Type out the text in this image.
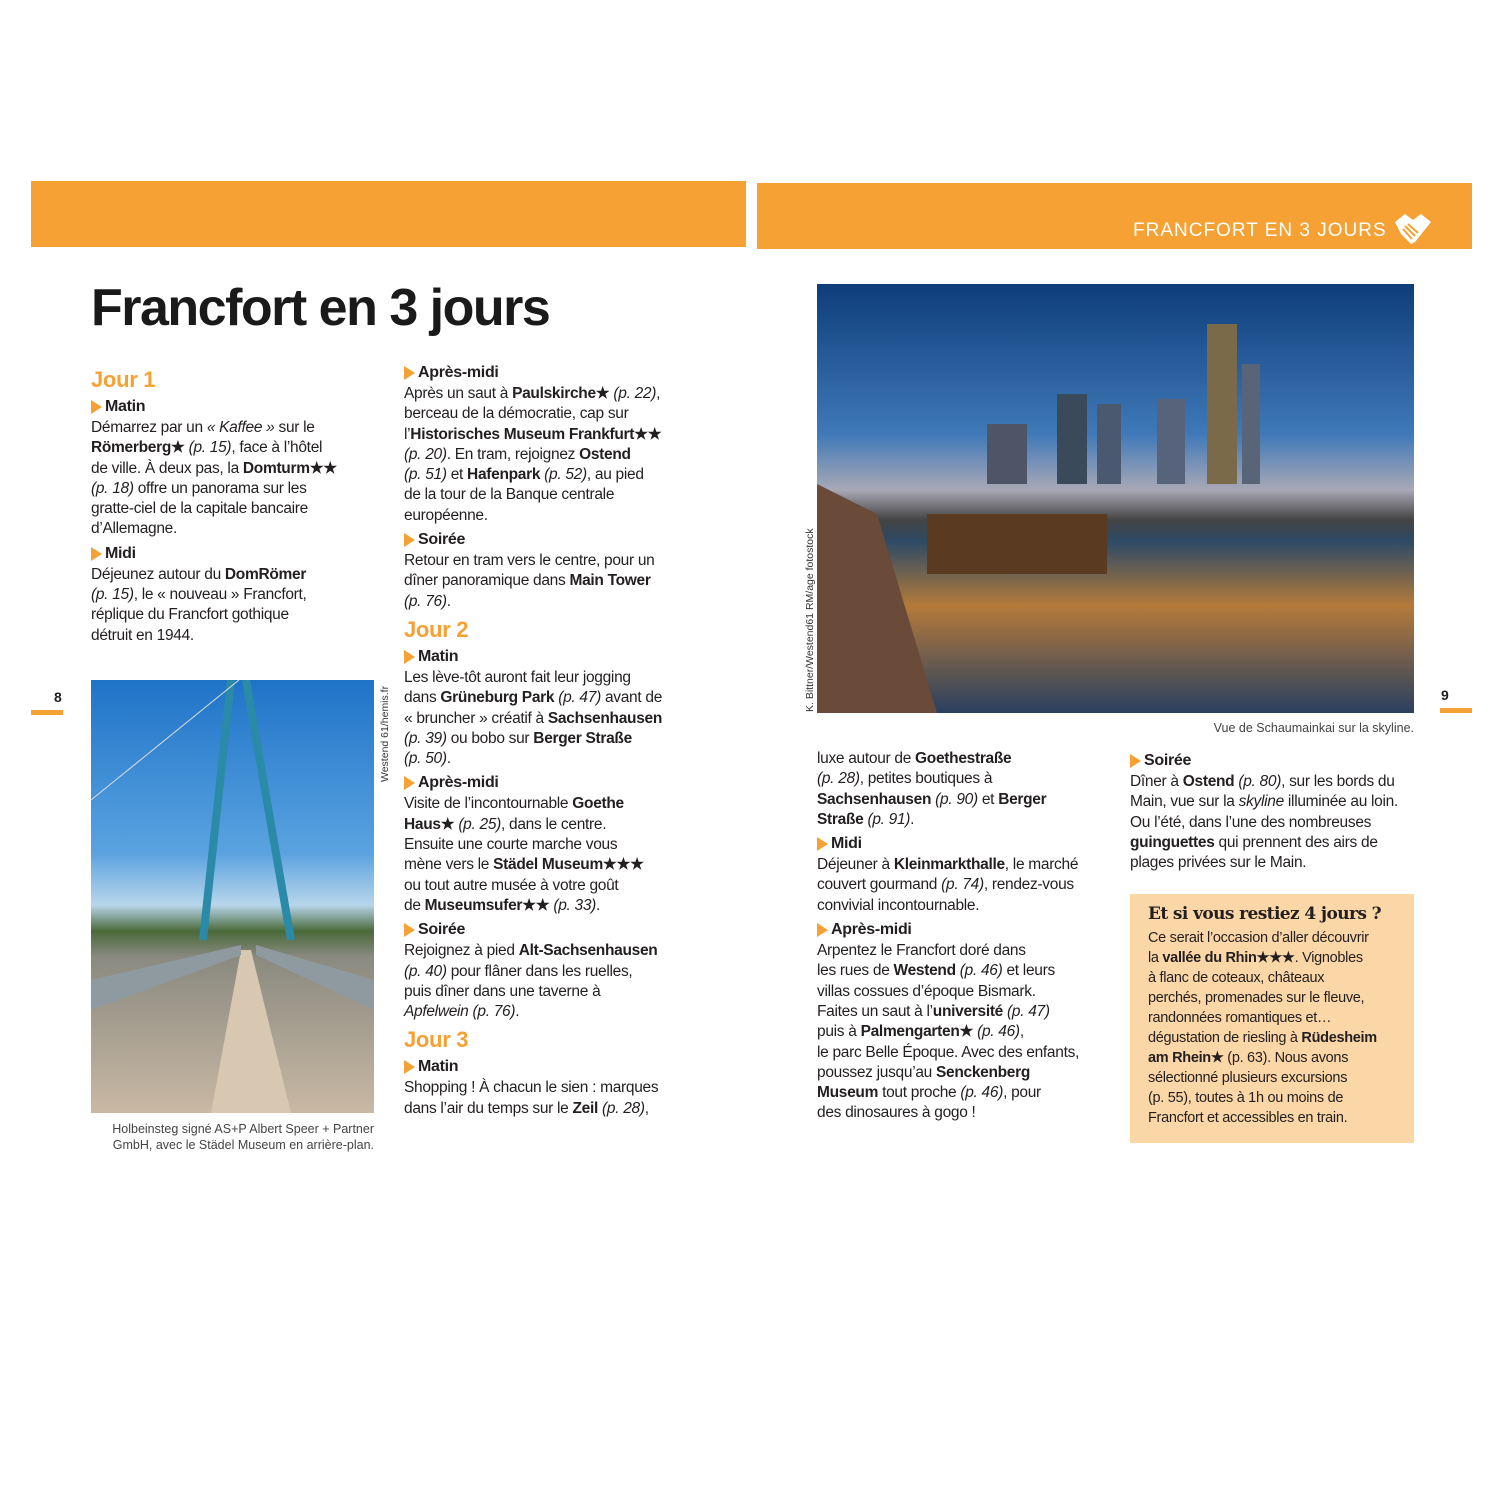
FRANCFORT EN 3 JOURS
Francfort en 3 jours
Jour 1
Matin
Démarrez par un « Kaffee » sur le
Römerberg★ (p. 15), face à l’hôtel
de ville. À deux pas, la Domturm★★
(p. 18) offre un panorama sur les
gratte-ciel de la capitale bancaire
d’Allemagne.
Midi
Déjeunez autour du DomRömer
(p. 15), le « nouveau » Francfort,
réplique du Francfort gothique
détruit en 1944.
Après-midi
Après un saut à Paulskirche★ (p. 22),
berceau de la démocratie, cap sur
l’Historisches Museum Frankfurt★★
(p. 20). En tram, rejoignez Ostend
(p. 51) et Hafenpark (p. 52), au pied
de la tour de la Banque centrale
européenne.
Soirée
Retour en tram vers le centre, pour un
dîner panoramique dans Main Tower
(p. 76).
Jour 2
Matin
Les lève-tôt auront fait leur jogging
dans Grüneburg Park (p. 47) avant de
« bruncher » créatif à Sachsenhausen
(p. 39) ou bobo sur Berger Straße
(p. 50).
Après-midi
Visite de l’incontournable Goethe
Haus★ (p. 25), dans le centre.
Ensuite une courte marche vous
mène vers le Städel Museum★★★
ou tout autre musée à votre goût
de Museumsufer★★ (p. 33).
Soirée
Rejoignez à pied Alt-Sachsenhausen
(p. 40) pour flâner dans les ruelles,
puis dîner dans une taverne à
Apfelwein (p. 76).
Jour 3
Matin
Shopping ! À chacun le sien : marques
dans l’air du temps sur le Zeil (p. 28),
luxe autour de Goethestraße
(p. 28), petites boutiques à
Sachsenhausen (p. 90) et Berger
Straße (p. 91).
Midi
Déjeuner à Kleinmarkthalle, le marché
couvert gourmand (p. 74), rendez-vous
convivial incontournable.
Après-midi
Arpentez le Francfort doré dans
les rues de Westend (p. 46) et leurs
villas cossues d’époque Bismark.
Faites un saut à l’université (p. 47)
puis à Palmengarten★ (p. 46),
le parc Belle Époque. Avec des enfants,
poussez jusqu’au Senckenberg
Museum tout proche (p. 46), pour
des dinosaures à gogo !
Soirée
Dîner à Ostend (p. 80), sur les bords du
Main, vue sur la skyline illuminée au loin.
Ou l’été, dans l’une des nombreuses
guinguettes qui prennent des airs de
plages privées sur le Main.
Et si vous restiez 4 jours ?
Ce serait l’occasion d’aller découvrir
la vallée du Rhin★★★. Vignobles
à flanc de coteaux, châteaux
perchés, promenades sur le fleuve,
randonnées romantiques et…
dégustation de riesling à Rüdesheim
am Rhein★ (p. 63). Nous avons
sélectionné plusieurs excursions
(p. 55), toutes à 1h ou moins de
Francfort et accessibles en train.
8	9
Westend 61/hemis.fr
Holbeinsteg signé AS+P Albert Speer + Partner
GmbH, avec le Städel Museum en arrière-plan.
K. Bittner/Westend61 RM/age fotostock
Vue de Schaumainkai sur la skyline.
